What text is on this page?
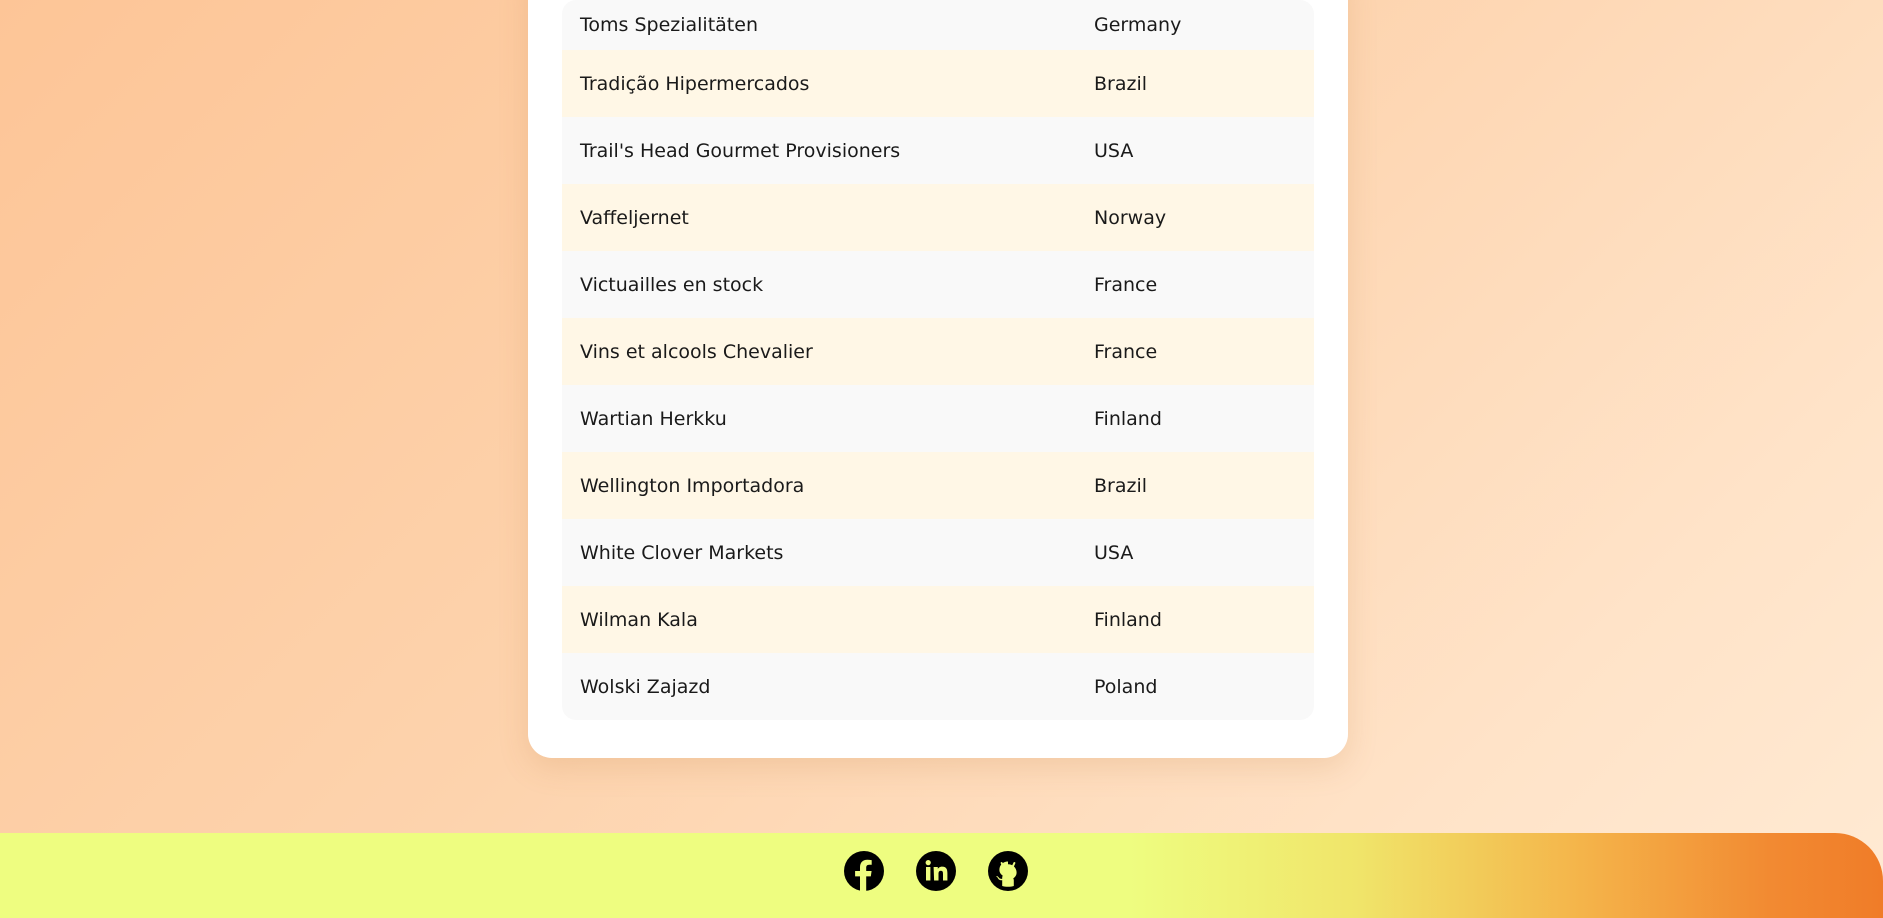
Toms Spezialitäten	Germany
Tradição Hipermercados	Brazil
Trail's Head Gourmet Provisioners	USA
Vaffeljernet	Norway
Victuailles en stock	France
Vins et alcools Chevalier	France
Wartian Herkku	Finland
Wellington Importadora	Brazil
White Clover Markets	USA
Wilman Kala	Finland
Wolski Zajazd	Poland
